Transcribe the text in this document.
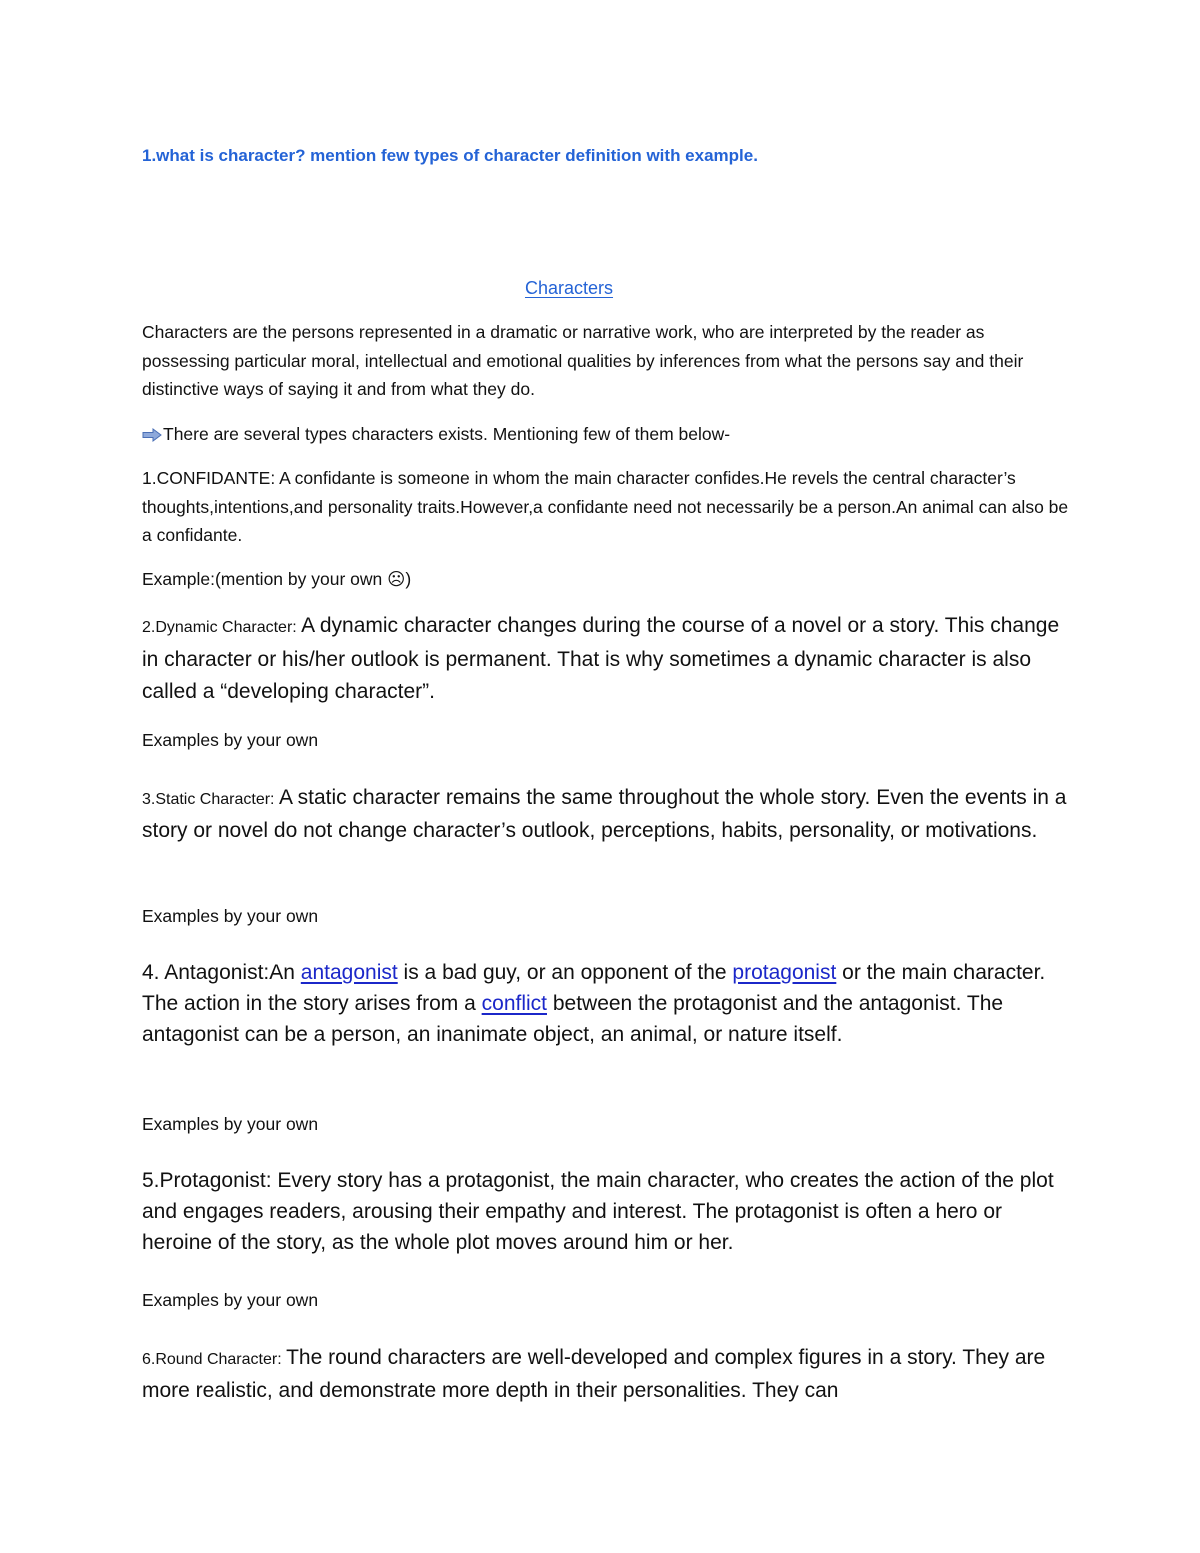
1.what is character? mention few types of character definition with example.
Characters
Characters are the persons represented in a dramatic or narrative work, who are interpreted by the reader as possessing particular moral, intellectual and emotional qualities by inferences from what the persons say and their distinctive ways of saying it and from what they do.
There are several types characters exists. Mentioning few of them below-
1.CONFIDANTE: A confidante is someone in whom the main character confides.He revels the central character’s thoughts,intentions,and personality traits.However,a confidante need not necessarily be a person.An animal can also be a confidante.
Example:(mention by your own ☹)
2.Dynamic Character: A dynamic character changes during the course of a novel or a story. This change in character or his/her outlook is permanent. That is why sometimes a dynamic character is also called a “developing character”.
Examples by your own
3.Static Character: A static character remains the same throughout the whole story. Even the events in a story or novel do not change character’s outlook, perceptions, habits, personality, or motivations.
Examples by your own
4. Antagonist:An antagonist is a bad guy, or an opponent of the protagonist or the main character. The action in the story arises from a conflict between the protagonist and the antagonist. The antagonist can be a person, an inanimate object, an animal, or nature itself.
Examples by your own
5.Protagonist: Every story has a protagonist, the main character, who creates the action of the plot and engages readers, arousing their empathy and interest. The protagonist is often a hero or heroine of the story, as the whole plot moves around him or her.
Examples by your own
6.Round Character: The round characters are well-developed and complex figures in a story. They are more realistic, and demonstrate more depth in their personalities. They can
